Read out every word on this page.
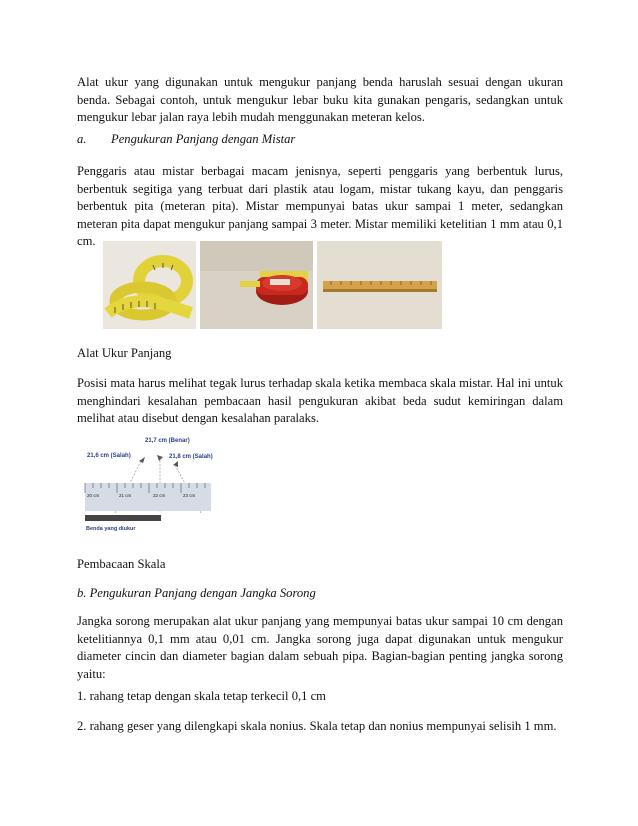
Alat ukur yang digunakan untuk mengukur panjang benda haruslah sesuai dengan ukuran benda. Sebagai contoh, untuk mengukur lebar buku kita gunakan pengaris, sedangkan untuk mengukur lebar jalan raya lebih mudah menggunakan meteran kelos.

a. Pengukuran Panjang dengan Mistar

Penggaris atau mistar berbagai macam jenisnya, seperti penggaris yang berbentuk lurus, berbentuk segitiga yang terbuat dari plastik atau logam, mistar tukang kayu, dan penggaris berbentuk pita (meteran pita). Mistar mempunyai batas ukur sampai 1 meter, sedangkan meteran pita dapat mengukur panjang sampai 3 meter. Mistar memiliki ketelitian 1 mm atau 0,1 cm.

Alat Ukur Panjang

Posisi mata harus melihat tegak lurus terhadap skala ketika membaca skala mistar. Hal ini untuk menghindari kesalahan pembacaan hasil pengukuran akibat beda sudut kemiringan dalam melihat atau disebut dengan kesalahan paralaks.

21,7 cm (Benar)
21,6 cm (Salah)	21,8 cm (Salah)
20 cm	21 cm	22 cm	23 cm
Benda yang diukur

Pembacaan Skala

b. Pengukuran Panjang dengan Jangka Sorong

Jangka sorong merupakan alat ukur panjang yang mempunyai batas ukur sampai 10 cm dengan ketelitiannya 0,1 mm atau 0,01 cm. Jangka sorong juga dapat digunakan untuk mengukur diameter cincin dan diameter bagian dalam sebuah pipa. Bagian-bagian penting jangka sorong yaitu:

1. rahang tetap dengan skala tetap terkecil 0,1 cm

2. rahang geser yang dilengkapi skala nonius. Skala tetap dan nonius mempunyai selisih 1 mm.
